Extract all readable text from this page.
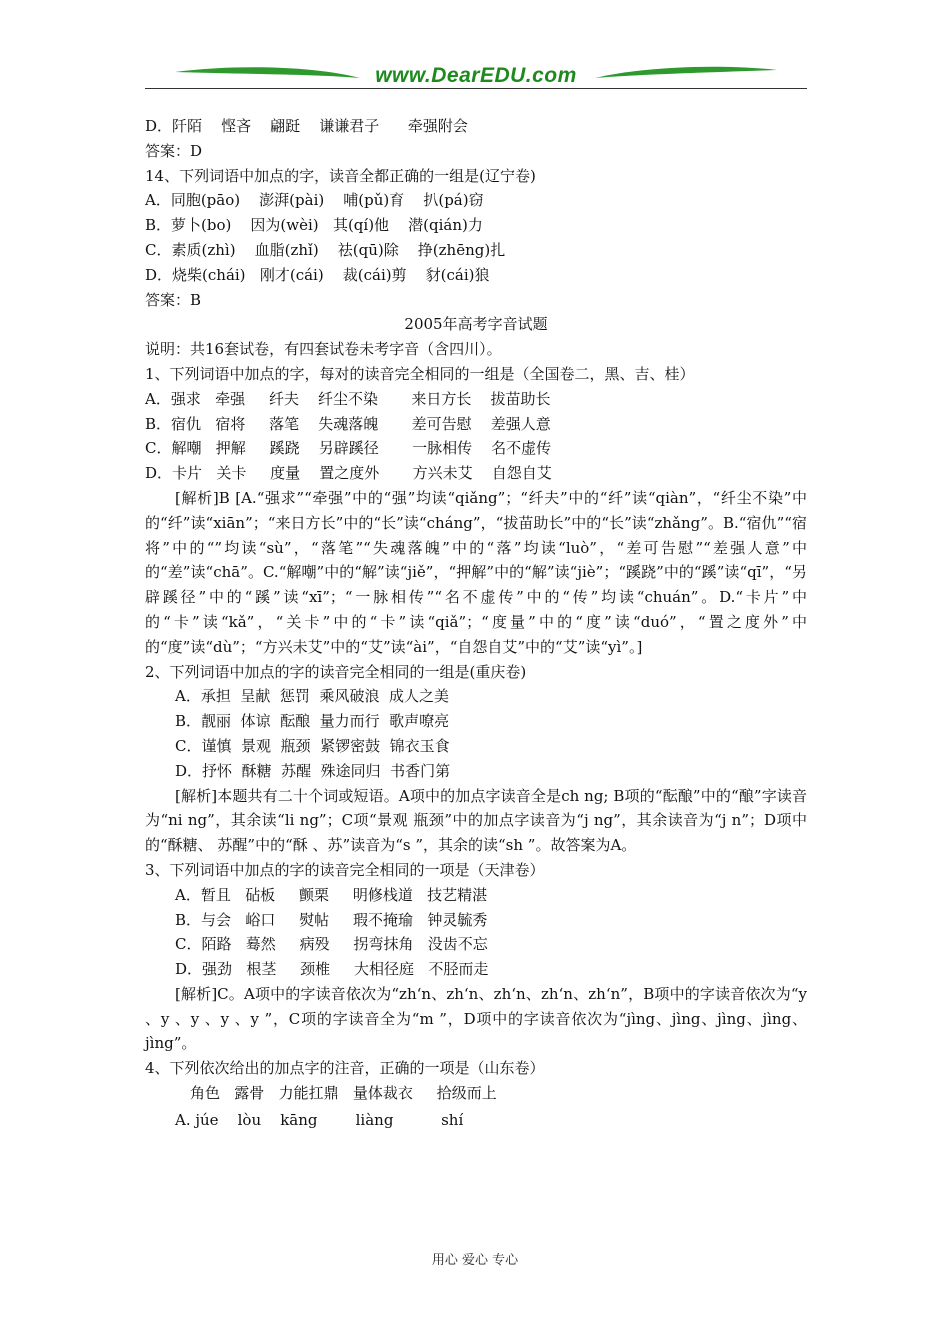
www.DearEDU.com
D．阡陌    悭吝    翩跹    谦谦君子      牵强附会
答案：D
14、下列词语中加点的字，读音全都正确的一组是(辽宁卷)
A．同胞(pāo)    澎湃(pài)    哺(pǔ)育    扒(pá)窃
B．萝卜(bo)    因为(wèi)   其(qí)他    潜(qián)力
C．素质(zhì)    血脂(zhǐ)    祛(qū)除    挣(zhēng)扎
D．烧柴(chái)   刚才(cái)    裁(cái)剪    豺(cái)狼
答案：B
2005年高考字音试题
说明：共16套试卷，有四套试卷未考字音（含四川）。
1、下列词语中加点的字，每对的读音完全相同的一组是（全国卷二，黑、吉、桂）
A．强求   牵强     纤夫    纤尘不染       来日方长    拔苗助长
B．宿仇   宿将     落笔    失魂落魄       差可告慰    差强人意
C．解嘲   押解     蹊跷    另辟蹊径       一脉相传    名不虚传
D．卡片   关卡     度量    置之度外       方兴未艾    自怨自艾
[解析]B [A.“强求”“牵强”中的“强”均读“qiǎng”；“纤夫”中的“纤”读“qiàn”，“纤尘不染”中的“纤”读“xiān”；“来日方长”中的“长”读“cháng”，“拔苗助长”中的“长”读“zhǎng”。B.“宿仇”“宿将”中的“”均读“sù”，“落笔”“失魂落魄”中的“落”均读“luò”，“差可告慰”“差强人意”中的“差”读“chā”。C.“解嘲”中的“解”读“jiě”，“押解”中的“解”读“jiè”；“蹊跷”中的“蹊”读“qī”，“另辟蹊径”中的“蹊”读“xī”；“一脉相传”“名不虚传”中的“传”均读“chuán”。D.“卡片”中的“卡”读“kǎ”，“关卡”中的“卡”读“qiǎ”；“度量”中的“度”读“duó”，“置之度外”中的“度”读“dù”；“方兴未艾”中的“艾”读“ài”，“自怨自艾”中的“艾”读“yì”。]
2、下列词语中加点的字的读音完全相同的一组是(重庆卷)
A．承担  呈献  惩罚  乘风破浪  成人之美
B．靓丽  体谅  酝酿  量力而行  歌声嘹亮
C．谨慎  景观  瓶颈  紧锣密鼓  锦衣玉食
D．抒怀  酥糖  苏醒  殊途同归  书香门第
[解析]本题共有二十个词或短语。A项中的加点字读音全是ch ng; B项的“酝酿”中的“酿”字读音为“ni ng”，其余读“li ng”；C项“景观 瓶颈”中的加点字读音为“j ng”，其余读音为“j n”；D项中的“酥糖、 苏醒”中的“酥 、苏”读音为“s ”，其余的读“sh ”。故答案为A。
3、下列词语中加点的字的读音完全相同的一项是（天津卷）
A．暂且   砧板     颤栗     明修栈道   技艺精湛
B．与会   峪口     熨帖     瑕不掩瑜   钟灵毓秀
C．陌路   蓦然     病殁     拐弯抹角   没齿不忘
D．强劲   根茎     颈椎     大相径庭   不胫而走
[解析]C。A项中的字读音依次为“zh‘n、zh‘n、zh‘n、zh‘n、zh‘n”，B项中的字读音依次为“y 、y 、y 、y 、y ”，C项的字读音全为“m ”，D项中的字读音依次为“jìng、jìng、jìng、jìng、jìng”。
4、下列依次给出的加点字的注音，正确的一项是（山东卷）
角色   露骨   力能扛鼎   量体裁衣     拾级而上
A. júe    lòu    kāng        liàng          shí
用心 爱心 专心
